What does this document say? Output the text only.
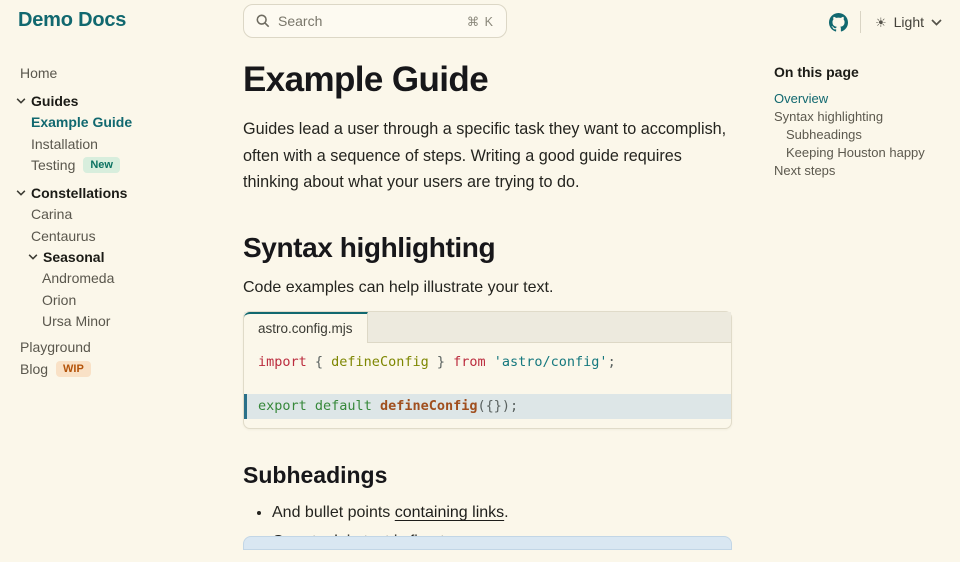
Demo Docs	Search	⌘ K	☀ Light
Home
Guides
Example Guide
Installation
Testing	New
Constellations
Carina
Centaurus
Seasonal
Andromeda
Orion
Ursa Minor
Playground
Blog	WIP
On this page
Overview
Syntax highlighting
Subheadings
Keeping Houston happy
Next steps
Example Guide

Guides lead a user through a specific task they want to accomplish, often with a sequence of steps. Writing a good guide requires thinking about what your users are trying to do.

Syntax highlighting

Code examples can help illustrate your text.

astro.config.mjs
import { defineConfig } from 'astro/config';
export
default
defineConfig ({});
Subheadings
• And bullet points containing links.
•
